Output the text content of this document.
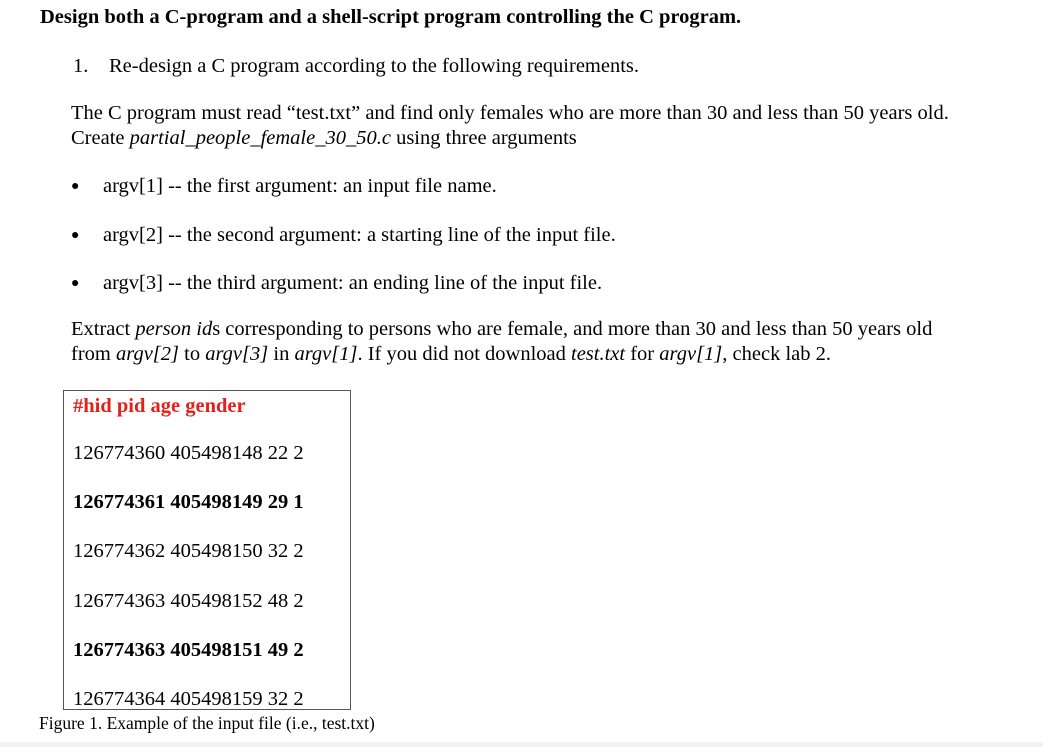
Design both a C-program and a shell-script program controlling the C program.
1. Re-design a C program according to the following requirements.
The C program must read “test.txt” and find only females who are more than 30 and less than 50 years old.
Create partial_people_female_30_50.c using three arguments
● argv[1] -- the first argument: an input file name.
● argv[2] -- the second argument: a starting line of the input file.
● argv[3] -- the third argument: an ending line of the input file.
Extract person ids corresponding to persons who are female, and more than 30 and less than 50 years old
from argv[2] to argv[3] in argv[1]. If you did not download test.txt for argv[1], check lab 2.
#hid pid age gender
126774360 405498148 22 2
126774361 405498149 29 1
126774362 405498150 32 2
126774363 405498152 48 2
126774363 405498151 49 2
126774364 405498159 32 2
Figure 1. Example of the input file (i.e., test.txt)
